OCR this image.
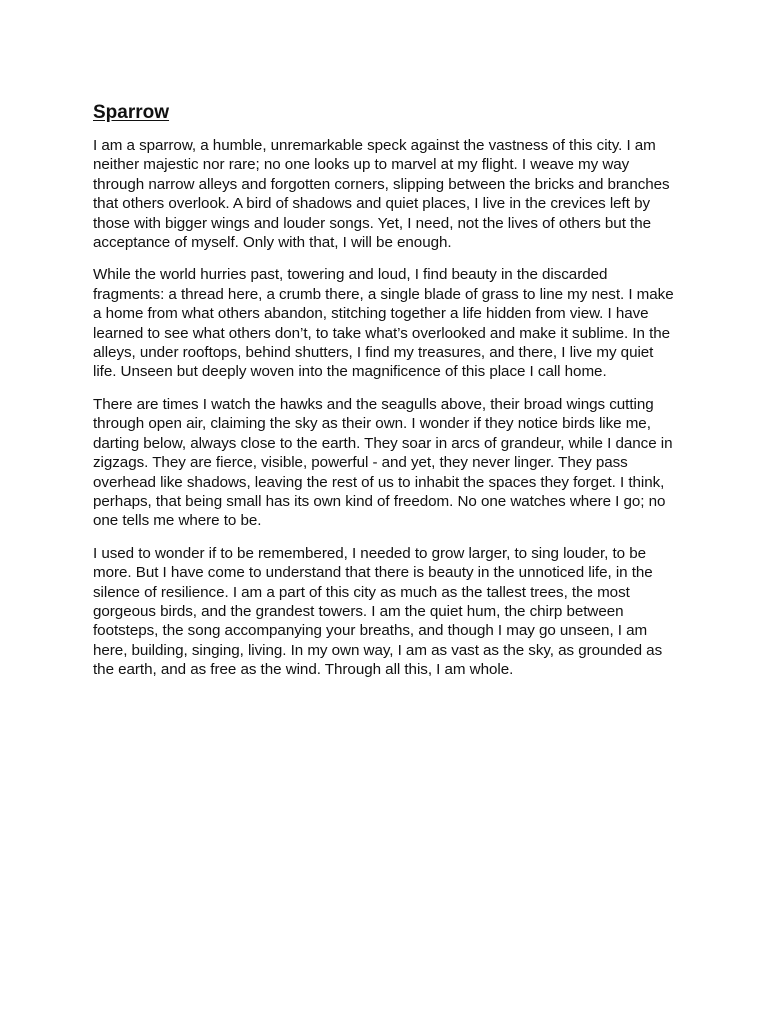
Sparrow

I am a sparrow, a humble, unremarkable speck against the vastness of this city. I am neither majestic nor rare; no one looks up to marvel at my flight. I weave my way through narrow alleys and forgotten corners, slipping between the bricks and branches that others overlook. A bird of shadows and quiet places, I live in the crevices left by those with bigger wings and louder songs. Yet, I need, not the lives of others but the acceptance of myself. Only with that, I will be enough.

While the world hurries past, towering and loud, I find beauty in the discarded fragments: a thread here, a crumb there, a single blade of grass to line my nest. I make a home from what others abandon, stitching together a life hidden from view. I have learned to see what others don’t, to take what’s overlooked and make it sublime. In the alleys, under rooftops, behind shutters, I find my treasures, and there, I live my quiet life. Unseen but deeply woven into the magnificence of this place I call home.

There are times I watch the hawks and the seagulls above, their broad wings cutting through open air, claiming the sky as their own. I wonder if they notice birds like me, darting below, always close to the earth. They soar in arcs of grandeur, while I dance in zigzags. They are fierce, visible, powerful - and yet, they never linger. They pass overhead like shadows, leaving the rest of us to inhabit the spaces they forget. I think, perhaps, that being small has its own kind of freedom. No one watches where I go; no one tells me where to be.

I used to wonder if to be remembered, I needed to grow larger, to sing louder, to be more. But I have come to understand that there is beauty in the unnoticed life, in the silence of resilience. I am a part of this city as much as the tallest trees, the most gorgeous birds, and the grandest towers. I am the quiet hum, the chirp between footsteps, the song accompanying your breaths, and though I may go unseen, I am here, building, singing, living. In my own way, I am as vast as the sky, as grounded as the earth, and as free as the wind. Through all this, I am whole.
